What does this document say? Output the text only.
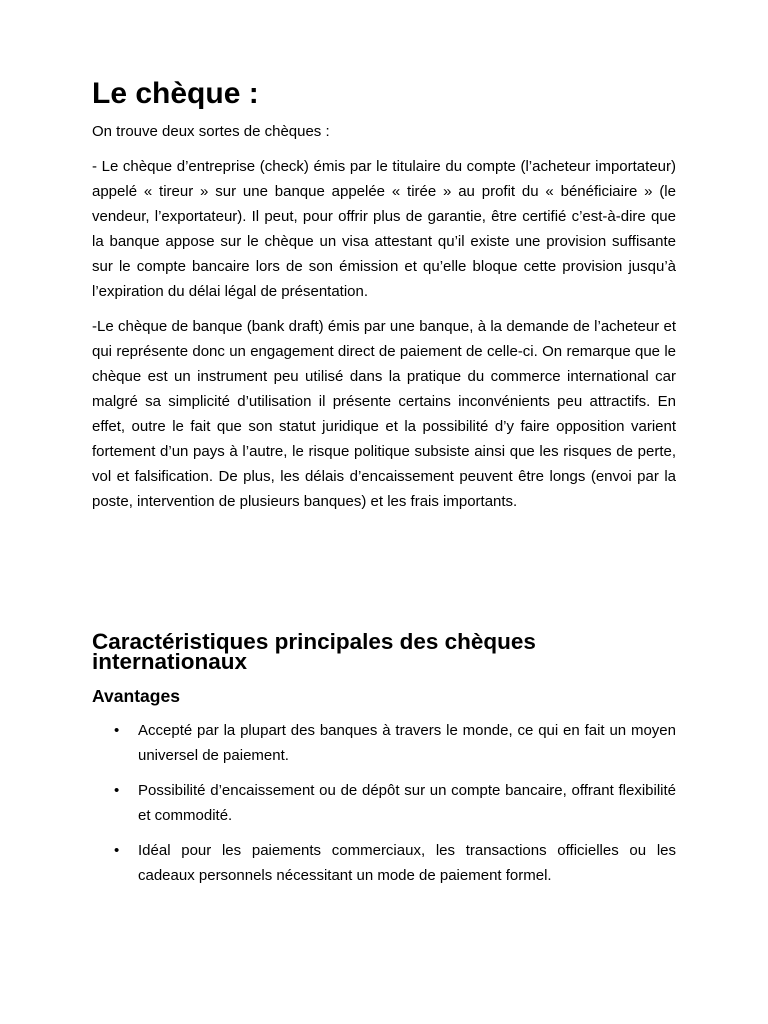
Le chèque :

On trouve deux sortes de chèques :

- Le chèque d’entreprise (check) émis par le titulaire du compte (l’acheteur importateur) appelé « tireur » sur une banque appelée « tirée » au profit du « bénéficiaire » (le vendeur, l’exportateur). Il peut, pour offrir plus de garantie, être certifié c’est-à-dire que la banque appose sur le chèque un visa attestant qu’il existe une provision suffisante sur le compte bancaire lors de son émission et qu’elle bloque cette provision jusqu’à l’expiration du délai légal de présentation.

-Le chèque de banque (bank draft) émis par une banque, à la demande de l’acheteur et qui représente donc un engagement direct de paiement de celle-ci. On remarque que le chèque est un instrument peu utilisé dans la pratique du commerce international car malgré sa simplicité d’utilisation il présente certains inconvénients peu attractifs. En effet, outre le fait que son statut juridique et la possibilité d’y faire opposition varient fortement d’un pays à l’autre, le risque politique subsiste ainsi que les risques de perte, vol et falsification. De plus, les délais d’encaissement peuvent être longs (envoi par la poste, intervention de plusieurs banques) et les frais importants.

Caractéristiques principales des chèques internationaux
Avantages
• Accepté par la plupart des banques à travers le monde, ce qui en fait un moyen universel de paiement.
• Possibilité d’encaissement ou de dépôt sur un compte bancaire, offrant flexibilité et commodité.
• Idéal pour les paiements commerciaux, les transactions officielles ou les cadeaux personnels nécessitant un mode de paiement formel.
